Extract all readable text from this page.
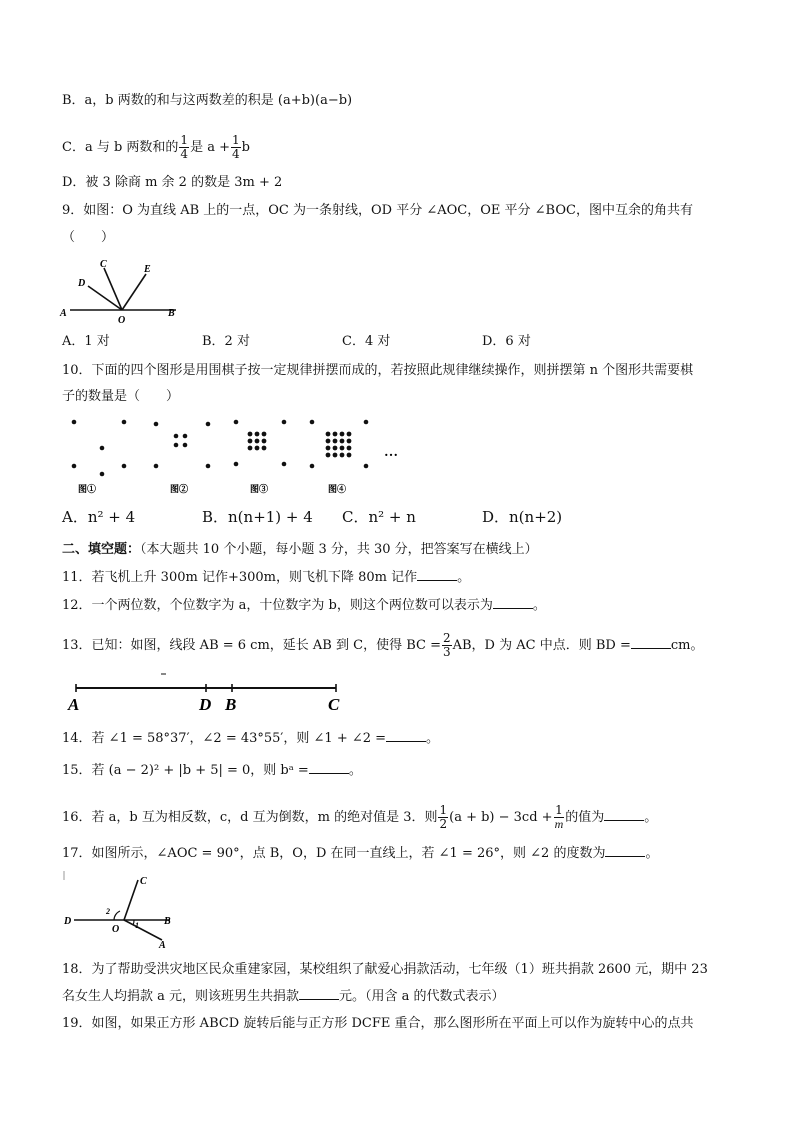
B．a，b 两数的和与这两数差的积是 (a+b)(a−b)
C．a 与 b 两数和的 $\frac{1}{4}$ 是 $a + \frac{1}{4}$ b
D．被 3 除商 m 余 2 的数是 3m + 2
9．如图：O 为直线 AB 上的一点，OC 为一条射线，OD 平分 ∠AOC，OE 平分 ∠BOC，图中互余的角共有
（　　）
A	B
C
D
E
O
A．1 对	B．2 对	C．4 对	D．6 对
10．下面的四个图形是用围棋子按一定规律拼摆而成的，若按照此规律继续操作，则拼摆第 n 个图形共需要棋
子的数量是（　　）
图①	图②	图③	图④
…
A．n² + 4	B．n(n+1) + 4 C．n² + n	D．n(n+2)
二、填空题：（本大题共 10 个小题，每小题 3 分，共 30 分，把答案写在横线上）
11．若飞机上升 300m 记作+300m，则飞机下降 80m 记作	。
12．一个两位数，个位数字为 a，十位数字为 b，则这个两位数可以表示为	。
13．已知：如图，线段 AB = 6 cm，延长 AB 到 C，使得 BC = $\frac{2}{3}$ AB，D 为 AC 中点．则 BD =	cm。
A	D B	C
14．若 ∠1 = 58°37′，∠2 = 43°55′，则 ∠1 + ∠2 =	。
15．若 (a − 2)² + |b + 5| = 0，则 bᵃ =	。
16．若 a，b 互为相反数，c，d 互为倒数，m 的绝对值是 3．则 $\frac{1}{2} (a + b) - 3cd + \frac{1}{m}$ 的值为	。
17．如图所示，∠AOC = 90°，点 B，O，D 在同一直线上，若 ∠1 = 26°，则 ∠2 的度数为	。
C
D	B
O
A
2
1
18．为了帮助受洪灾地区民众重建家园，某校组织了献爱心捐款活动，七年级（1）班共捐款 2600 元，期中 23
名女生人均捐款 a 元，则该班男生共捐款	元。（用含 a 的代数式表示）
19．如图，如果正方形 ABCD 旋转后能与正方形 DCFE 重合，那么图形所在平面上可以作为旋转中心的点共
